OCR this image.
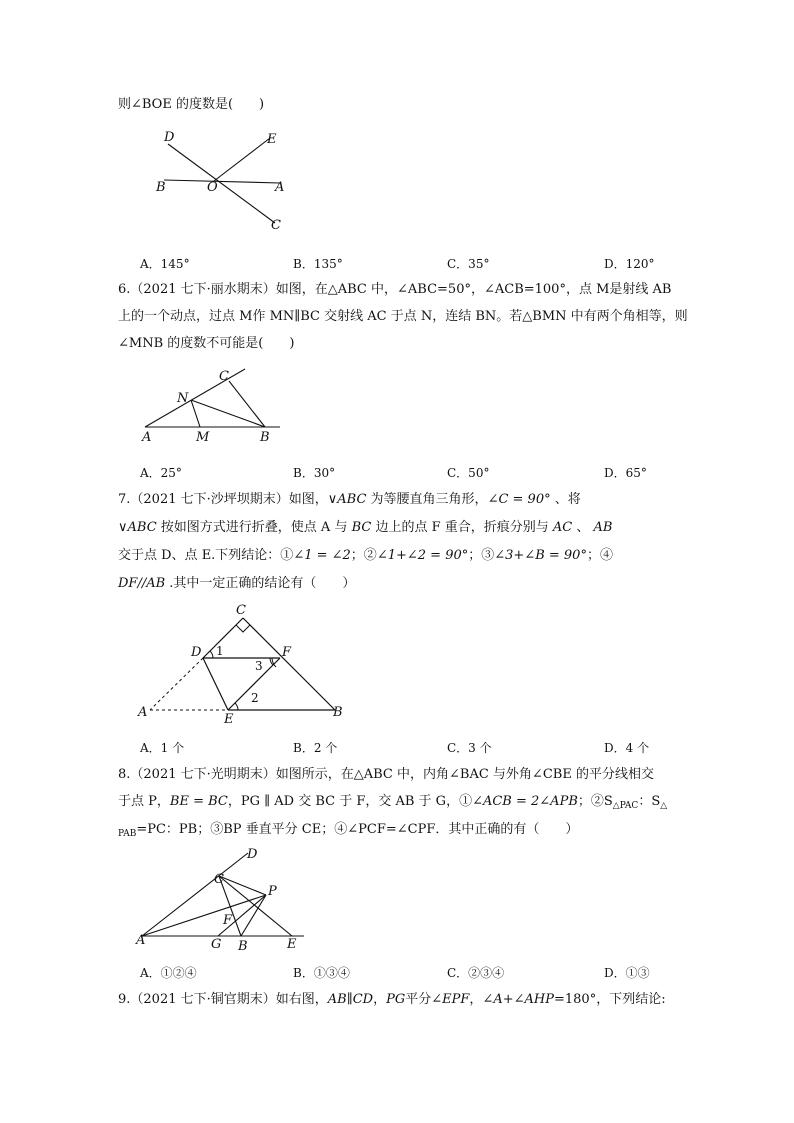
则∠BOE 的度数是(　　)
D	E
B	O	A
C
A．145°	B．135°	C．35°	D．120°
6.（2021 七下·丽水期末）如图，在△ABC 中，∠ABC=50°，∠ACB=100°，点 M是射线 AB
上的一个动点，过点 M作 MN∥BC 交射线 AC 于点 N，连结 BN。若△BMN 中有两个角相等，则
∠MNB 的度数不可能是(　　)
C
N
A	M	B
A．25°	B．30°	C．50°	D．65°
7.（2021 七下·沙坪坝期末）如图，∨ABC 为等腰直角三角形，∠C = 90° 、将
∨ABC 按如图方式进行折叠，使点 A 与 BC 边上的点 F 重合，折痕分别与 AC 、 AB
交于点 D、点 E.下列结论：①∠1 = ∠2；②∠1+∠2 = 90°；③∠3+∠B = 90°；④
DF//AB .其中一定正确的结论有（　　）
C
D	F
A	E	B
1
2
3
A．1 个	B．2 个	C．3 个	D．4 个
8.（2021 七下·光明期末）如图所示，在△ABC 中，内角∠BAC 与外角∠CBE 的平分线相交
于点 P，BE = BC，PG ∥ AD 交 BC 于 F，交 AB 于 G，①∠ACB = 2∠APB；$②S_{\triangle PAC}$：$S_\triangle$
$_{PAB}$=PC：PB；③BP 垂直平分 CE；④∠PCF=∠CPF．其中正确的有（　　）
D
C
P
F
A	G B	E
A．①②④	B．①③④	C．②③④	D．①③
9.（2021 七下·铜官期末）如右图，AB∥CD，PG平分∠EPF，∠A+∠AHP=180°，下列结论:
